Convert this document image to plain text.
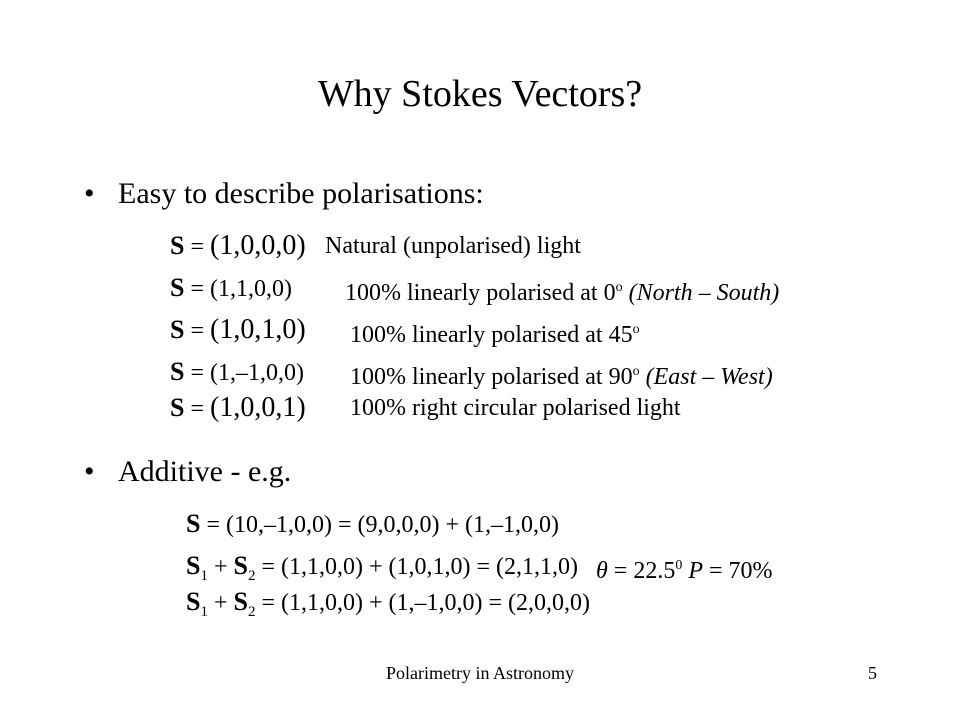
Why Stokes Vectors?
• Easy to describe polarisations:
S = (1,0,0,0) Natural (unpolarised) light
S = (1,1,0,0) 100% linearly polarised at 0$^o$ (North – South)
S = (1,0,1,0) 100% linearly polarised at 45$^o$
S = (1,–1,0,0) 100% linearly polarised at 90$^o$ (East – West)
S = (1,0,0,1) 100% right circular polarised light
• Additive - e.g.
S = (10,–1,0,0) = (9,0,0,0) + (1,–1,0,0)
$S_1 + S_2 = (1,1,0,0) + (1,0,1,0) = (2,1,1,0) \theta = 22.5^0$ P = 70%
$S_1 + S_2 = (1,1,0,0) + (1,-1,0,0) = (2,0,0,0)$
Polarimetry in Astronomy	5
